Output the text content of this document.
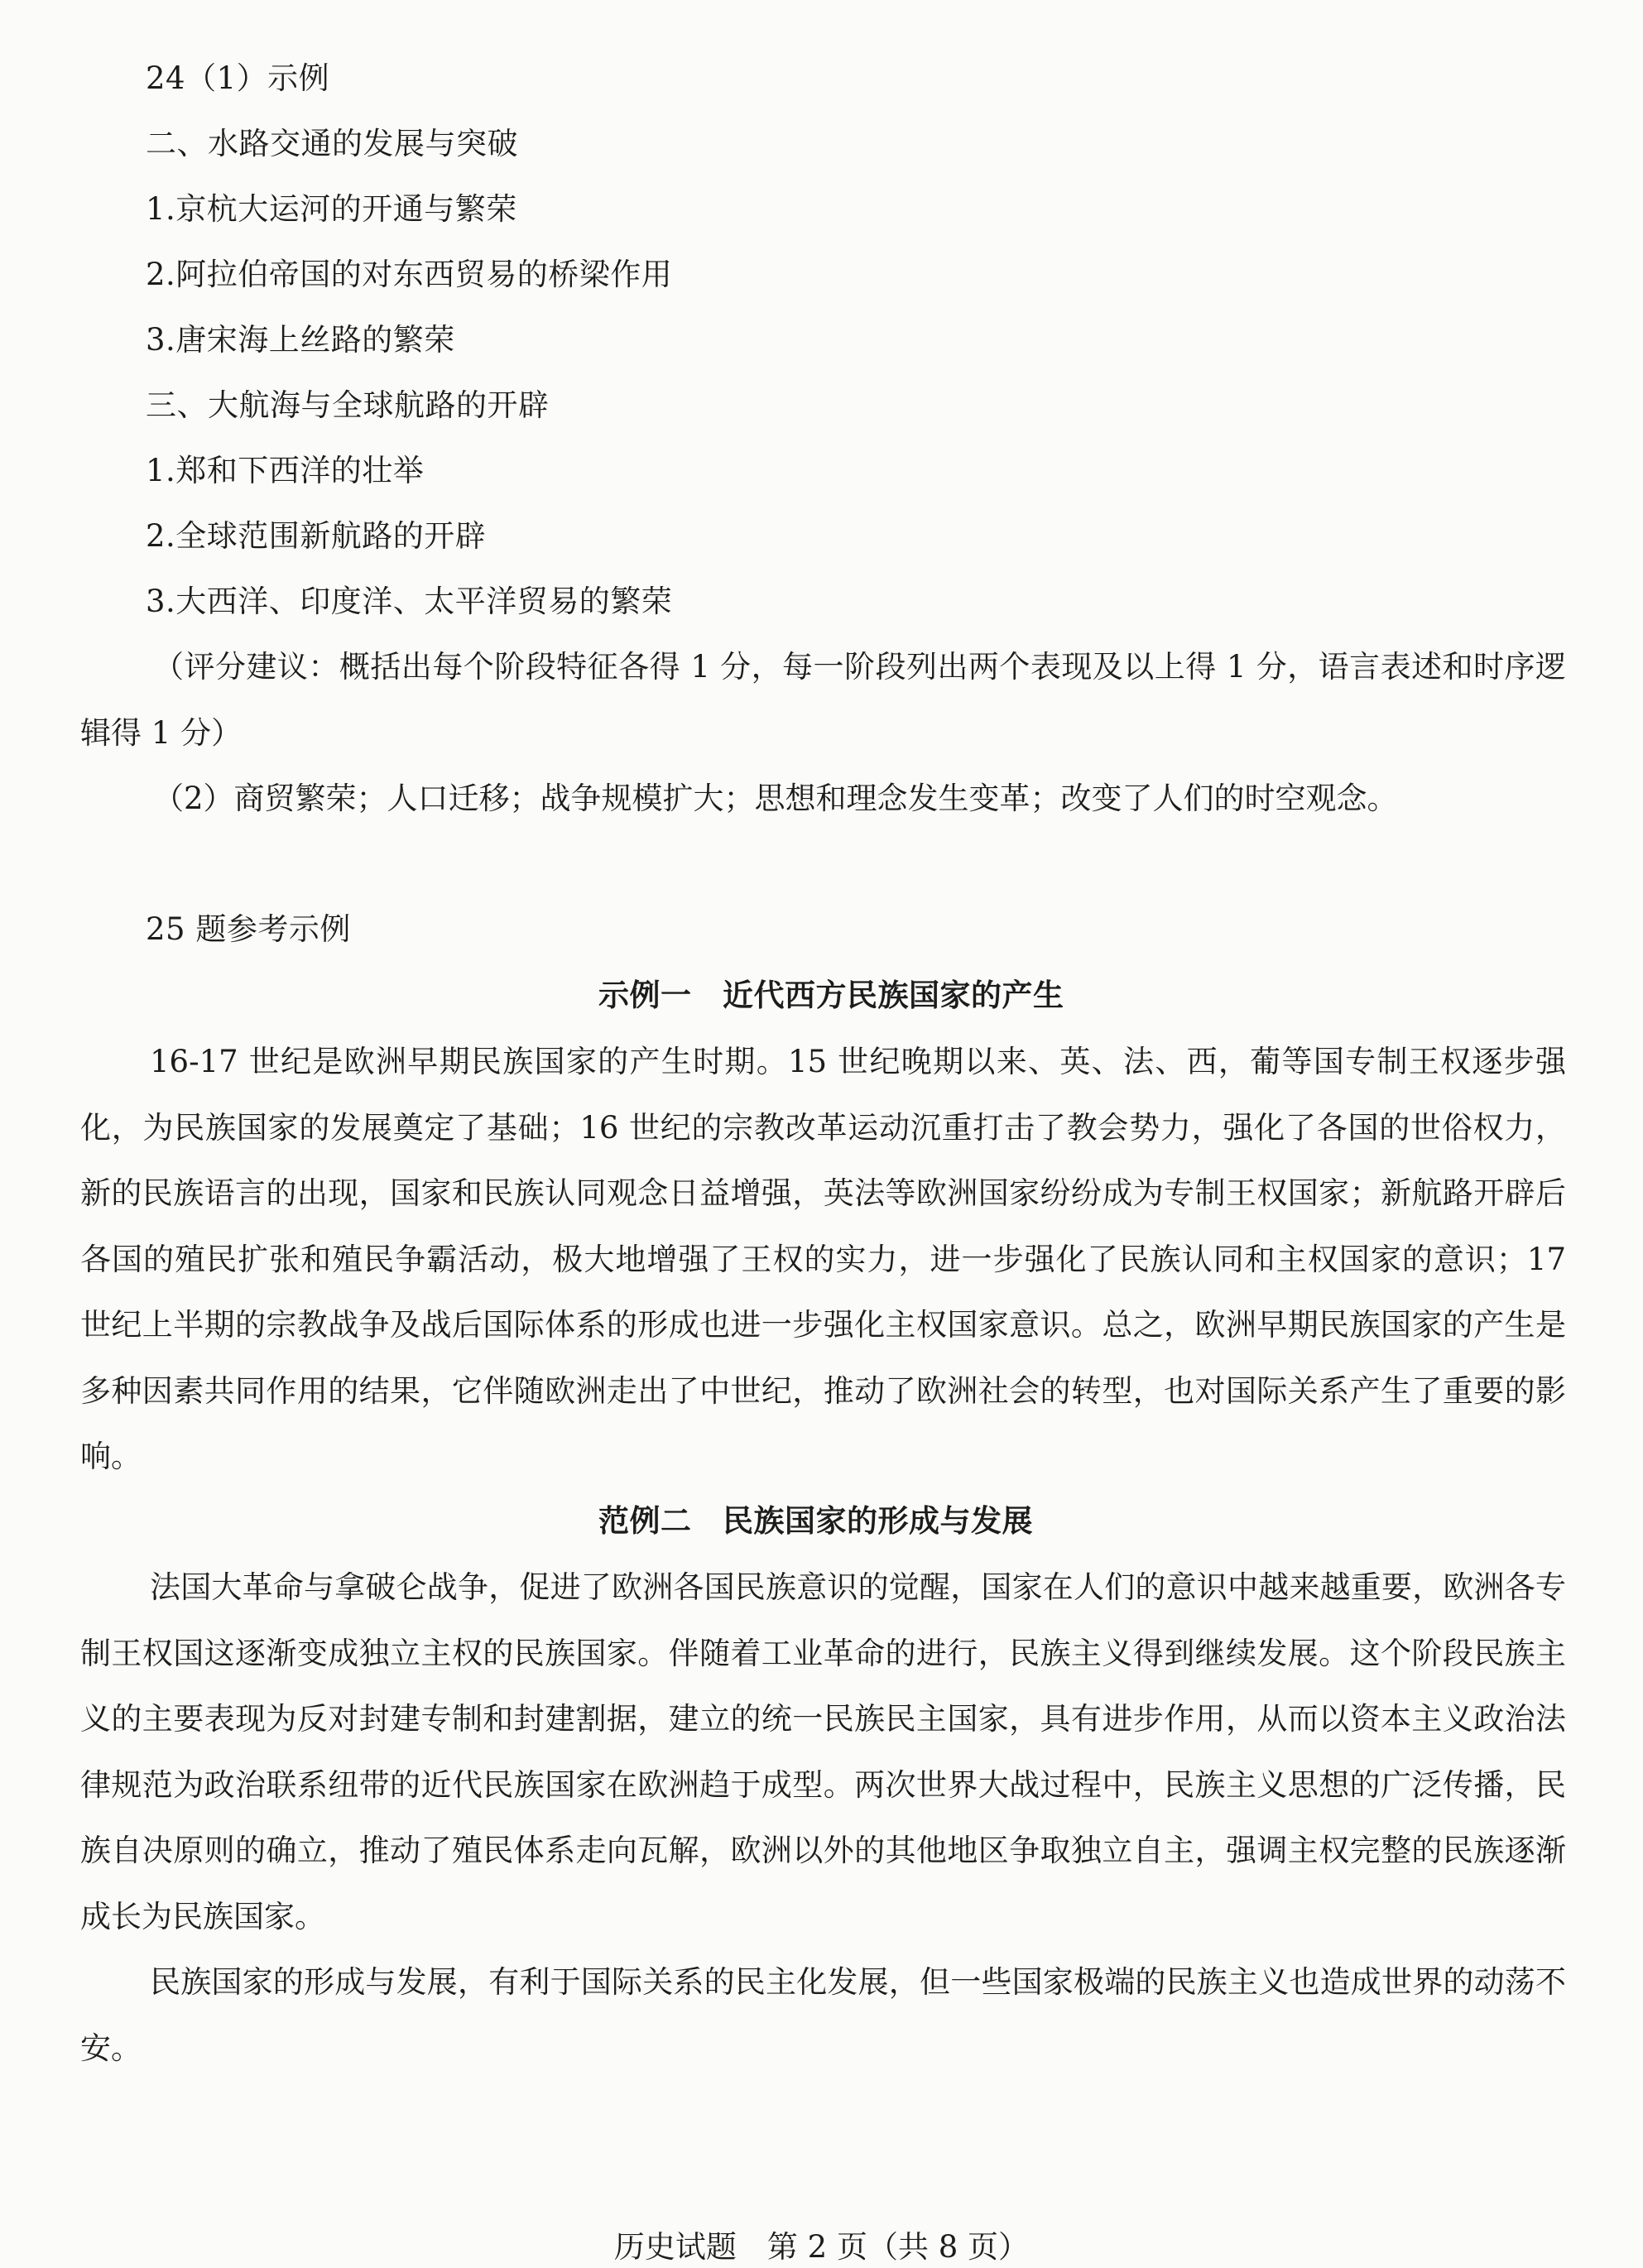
24（1）示例
二、水路交通的发展与突破
1.京杭大运河的开通与繁荣
2.阿拉伯帝国的对东西贸易的桥梁作用
3.唐宋海上丝路的繁荣
三、大航海与全球航路的开辟
1.郑和下西洋的壮举
2.全球范围新航路的开辟
3.大西洋、印度洋、太平洋贸易的繁荣

（评分建议：概括出每个阶段特征各得 1 分，每一阶段列出两个表现及以上得 1 分，语言表述和时序逻辑得 1 分）

（2）商贸繁荣；人口迁移；战争规模扩大；思想和理念发生变革；改变了人们的时空观念。

25 题参考示例
示例一　近代西方民族国家的产生

16-17 世纪是欧洲早期民族国家的产生时期。15 世纪晚期以来、英、法、西，葡等国专制王权逐步强化，为民族国家的发展奠定了基础；16 世纪的宗教改革运动沉重打击了教会势力，强化了各国的世俗权力，新的民族语言的出现，国家和民族认同观念日益增强，英法等欧洲国家纷纷成为专制王权国家；新航路开辟后各国的殖民扩张和殖民争霸活动，极大地增强了王权的实力，进一步强化了民族认同和主权国家的意识；17 世纪上半期的宗教战争及战后国际体系的形成也进一步强化主权国家意识。总之，欧洲早期民族国家的产生是多种因素共同作用的结果，它伴随欧洲走出了中世纪，推动了欧洲社会的转型，也对国际关系产生了重要的影响。

范例二　民族国家的形成与发展

法国大革命与拿破仑战争，促进了欧洲各国民族意识的觉醒，国家在人们的意识中越来越重要，欧洲各专制王权国这逐渐变成独立主权的民族国家。伴随着工业革命的进行，民族主义得到继续发展。这个阶段民族主义的主要表现为反对封建专制和封建割据，建立的统一民族民主国家，具有进步作用，从而以资本主义政治法律规范为政治联系纽带的近代民族国家在欧洲趋于成型。两次世界大战过程中，民族主义思想的广泛传播，民族自决原则的确立，推动了殖民体系走向瓦解，欧洲以外的其他地区争取独立自主，强调主权完整的民族逐渐成长为民族国家。

民族国家的形成与发展，有利于国际关系的民主化发展，但一些国家极端的民族主义也造成世界的动荡不安。

历史试题　第 2 页（共 8 页）
